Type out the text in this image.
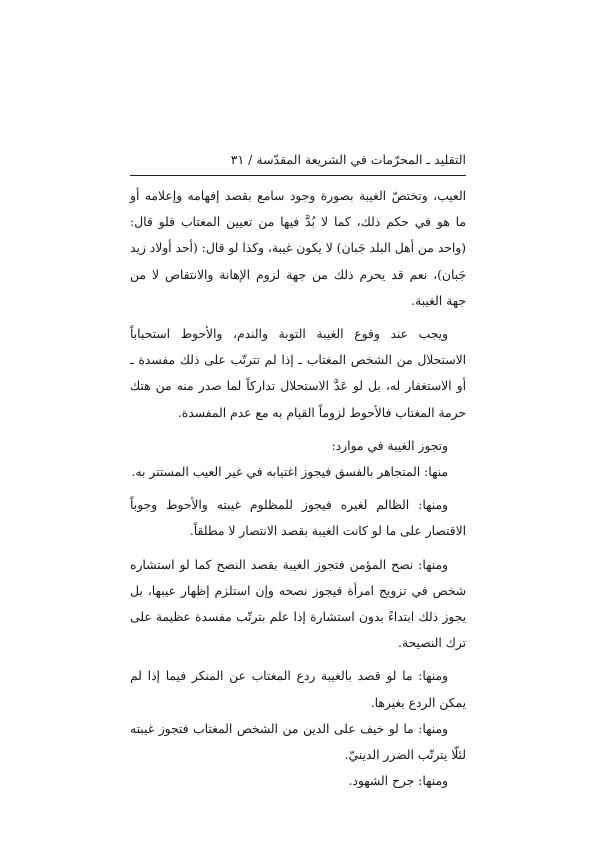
التقليد ـ المحرّمات في الشريعة المقدّسة / ٣١

العيب، وتختصّ الغيبة بصورة وجود سامع بقصد إفهامه وإعلامه أو ما هو في حكم ذلك، كما لا بُدَّ فيها من تعيين المغتاب فلو قال: (واحد من أهل البلد جَبان) لا يكون غيبة، وكذا لو قال: (أحد أولاد زيد جَبان)، نعم قد يحرم ذلك من جهة لزوم الإهانة والانتقاص لا من جهة الغيبة.

ويجب عند وقوع الغيبة التوبة والندم، والأحوط استحباباً الاستحلال من الشخص المغتاب ـ إذا لم تترتّب على ذلك مفسدة ـ أو الاستغفار له، بل لو عَدَّ الاستحلال تداركاً لما صدر منه من هتك حرمة المغتاب فالأحوط لزوماً القيام به مع عدم المفسدة.

وتجوز الغيبة في موارد:

منها: المتجاهر بالفسق فيجوز اغتيابه في غير العيب المستتر به.

ومنها: الظالم لغيره فيجوز للمظلوم غيبته والأحوط وجوباً الاقتصار على ما لو كانت الغيبة بقصد الانتصار لا مطلقاً.

ومنها: نصح المؤمن فتجوز الغيبة بقصد النصح كما لو استشاره شخص في تزويج امرأة فيجوز نصحه وإن استلزم إظهار عيبها، بل يجوز ذلك ابتداءً بدون استشارة إذا علم بترتّب مفسدة عظيمة على ترك النصيحة.

ومنها: ما لو قصد بالغيبة ردع المغتاب عن المنكر فيما إذا لم يمكن الردع بغيرها.

ومنها: ما لو خيف على الدين من الشخص المغتاب فتجوز غيبته لئلّا يترتّب الضرر الدينيّ.

ومنها: جرح الشهود.
